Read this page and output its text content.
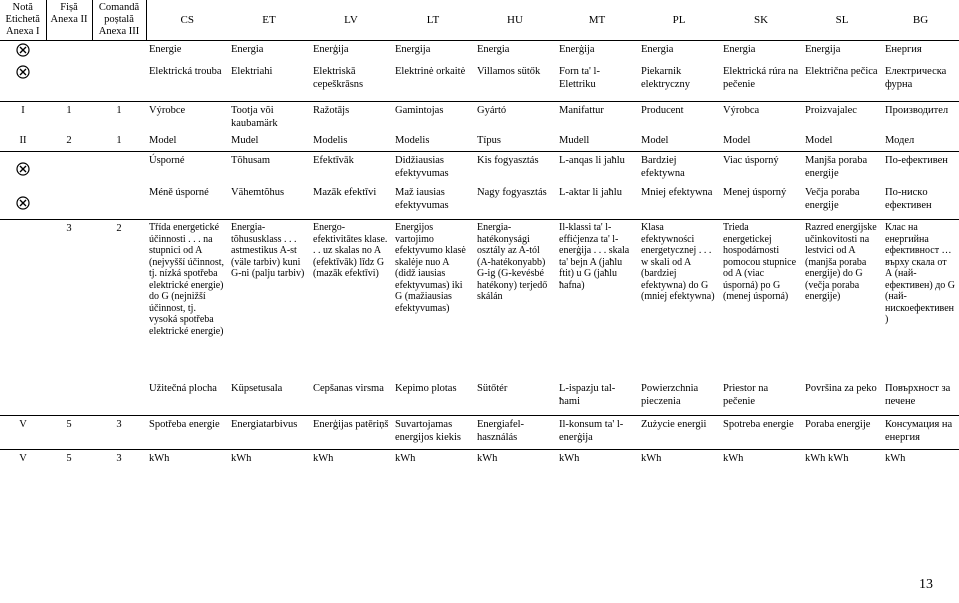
Notă Etichetă Anexa I	Fișă Anexa II	Comandă poștală Anexa III	CS	ET	LV	LT	HU	MT	PL	SK	SL	BG
			Energie	Energia	Enerģija	Energija	Energia	Enerġija	Energia	Energia	Energija	Енергия
			Elektrická trouba	Elektriahi	Elektriskā cepeškrāsns	Elektrinė orkaitė	Villamos sütők	Forn ta' l-Elettriku	Piekarnik elektryczny	Elektrická rúra na pečenie	Električna pečica	Електрическа фурна
I	1	1	Výrobce	Tootja või kaubamärk	Ražotājs	Gamintojas	Gyártó	Manifattur	Producent	Výrobca	Proizvajalec	Производител
II	2	1	Model	Mudel	Modelis	Modelis	Típus	Mudell	Model	Model	Model	Модел
			Úsporné	Tõhusam	Efektīvāk	Didžiausias efektyvumas	Kis fogyasztás	L-anqas li jaħlu	Bardziej efektywna	Viac úsporný	Manjša poraba energije	По-ефективен
			Méně úsporné	Vähemtõhus	Mazāk efektīvi	Maž iausias efektyvumas	Nagy fogyasztás	L-aktar li jaħlu	Mniej efektywna	Menej úsporný	Večja poraba energije	По-нискo ефективен
	3	2	Třída energetické účinnosti . . . na stupnici od A (nejvyšší účinnost, tj. nízká spotřeba elektrické energie) do G (nejnižší účinnost, tj. vysoká spotřeba elektrické energie)	Energia-tõhususklass . . . astmestikus A-st (väle tarbiv) kuni G-ni (palju tarbiv)	Energo-efektivitātes klase. . . uz skalas no A (efektīvāk) līdz G (mazāk efektīvi)	Energijos vartojimo efektyvumo klasė skalėje nuo A (didž iausias efektyvumas) iki G (mažiausias efektyvumas)	Energia-hatékonysági osztály az A-tól (A-hatékonyabb) G-ig (G-kevésbé hatékony) terjedő skálán	Il-klassi ta' l-effiċjenza ta' l-enerġija . . . skala ta' bejn A (jaħlu ftit) u G (jaħlu ħafna)	Klasa efektywności energetycznej . . . w skali od A (bardziej efektywna) do G (mniej efektywna)	Trieda energetickej hospodárnosti pomocou stupnice od A (viac úsporná) po G (menej úsporná)	Razred energijske učinkovitosti na lestvici od A (manjša poraba energije) do G (večja poraba energije)	Клас на енергийна ефективност … върху скала от А (най-ефективен) до G (най-нискоефективен)
			Užitečná plocha	Küpsetusala	Cepšanas virsma	Kepimo plotas	Sütőtér	L-ispazju tal-ħami	Powierzchnia pieczenia	Priestor na pečenie	Površina za peko	Повърхност за печене
V	5	3	Spotřeba energie	Energiatarbivus	Enerģijas patēriņš	Suvartojamas energijos kiekis	Energiafel-használás	Il-konsum ta' l-enerġija	Zużycie energii	Spotreba energie	Poraba energije	Консумация на енергия
V	5	3	kWh	kWh	kWh	kWh	kWh	kWh	kWh	kWh	kWh kWh	kWh
13
